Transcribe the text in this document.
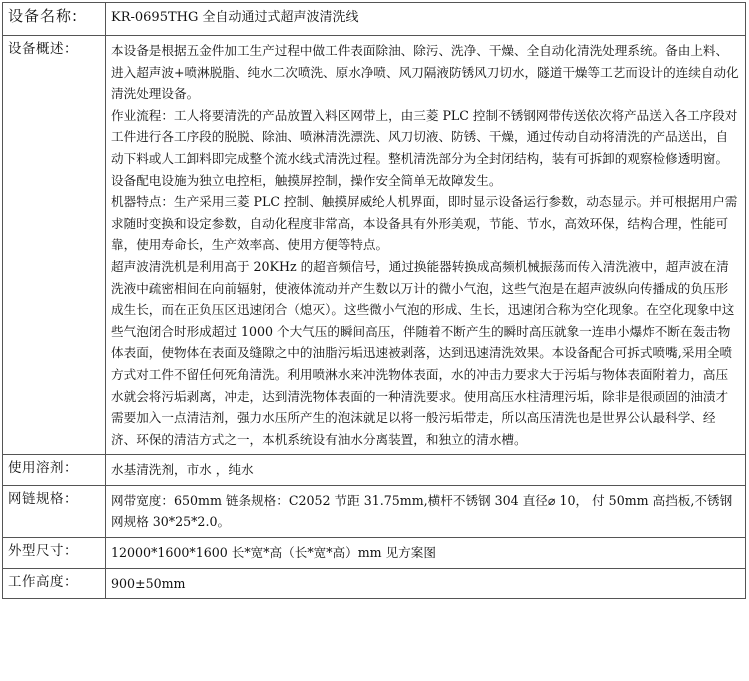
设备名称:	KR-0695THG 全自动通过式超声波清洗线
设备概述：	本设备是根据五金件加工生产过程中做工件表面除油、除污、洗净、干燥、全自动化清洗处理系统。备由上料、进入超声波+喷淋脱脂、纯水二次喷洗、原水净喷、风刀隔液防锈风刀切水，隧道干燥等工艺而设计的连续自动化清洗处理设备。

作业流程：工人将要清洗的产品放置入料区网带上，由三菱 PLC 控制不锈钢网带传送依次将产品送入各工序段对工件进行各工序段的脱脱、除油、喷淋清洗漂洗、风刀切液、防锈、干燥，通过传动自动将清洗的产品送出，自动下料或人工卸料即完成整个流水线式清洗过程。整机清洗部分为全封闭结构，装有可拆卸的观察检修透明窗。设备配电设施为独立电控柜，触摸屏控制，操作安全简单无故障发生。

机器特点：生产采用三菱 PLC 控制、触摸屏威纶人机界面，即时显示设备运行参数，动态显示。并可根据用户需求随时变换和设定参数，自动化程度非常高，本设备具有外形美观，节能、节水，高效环保，结构合理，性能可靠，使用寿命长，生产效率高、使用方便等特点。

超声波清洗机是利用高于 20KHz 的超音频信号，通过换能器转换成高频机械振荡而传入清洗液中，超声波在清洗液中疏密相间在向前辐射，使液体流动并产生数以万计的微小气泡，这些气泡是在超声波纵向传播成的负压形成生长，而在正负压区迅速闭合（熄灭）。这些微小气泡的形成、生长，迅速闭合称为空化现象。在空化现象中这些气泡闭合时形成超过 1000 个大气压的瞬间高压，伴随着不断产生的瞬时高压就象一连串小爆炸不断在轰击物体表面，使物体在表面及缝隙之中的油脂污垢迅速被剥落，达到迅速清洗效果。本设备配合可拆式喷嘴,采用全喷方式对工件不留任何死角清洗。利用喷淋水来冲洗物体表面，水的冲击力要求大于污垢与物体表面附着力，高压水就会将污垢剥离，冲走，达到清洗物体表面的一种清洗要求。使用高压水柱清理污垢，除非是很顽固的油渍才需要加入一点清洁剂，强力水压所产生的泡沫就足以将一般污垢带走，所以高压清洗也是世界公认最科学、经济、环保的清洁方式之一，本机系统设有油水分离装置，和独立的清水槽。

使用溶剂：	水基清洗剂，市水 ，纯水
网链规格：	网带宽度：650mm 链条规格：C2052 节距 31.75mm,横杆不锈钢 304 直径⌀ 10， 付 50mm 高挡板,不锈钢网规格 30*25*2.0。
外型尺寸：	12000*1600*1600 长*宽*高（长*宽*高）mm 见方案图
工作高度：	900±50mm
